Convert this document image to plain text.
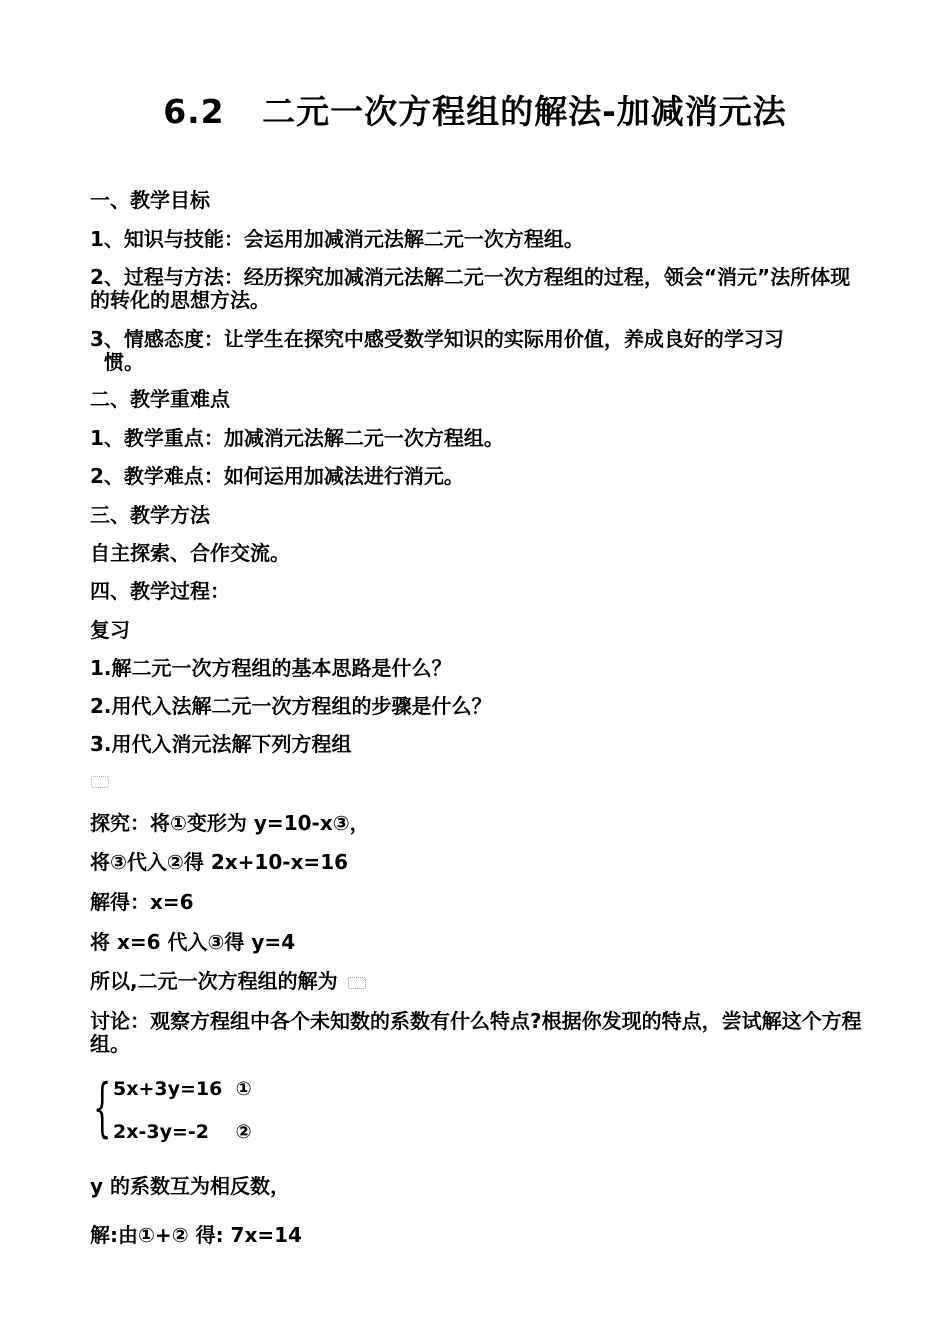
6.2   二元一次方程组的解法-加减消元法
一、教学目标
1、知识与技能：会运用加减消元法解二元一次方程组。
2、过程与方法：经历探究加减消元法解二元一次方程组的过程，领会“消元”法所体现的转化的思想方法。
3、情感态度：让学生在探究中感受数学知识的实际用价值，养成良好的学习习
惯。
二、教学重难点
1、教学重点：加减消元法解二元一次方程组。
2、教学难点：如何运用加减法进行消元。
三、教学方法
自主探索、合作交流。
四、教学过程：
复习
1.解二元一次方程组的基本思路是什么？
2.用代入法解二元一次方程组的步骤是什么？
3.用代入消元法解下列方程组
探究：将①变形为 y=10-x③，
将③代入②得 2x+10-x=16
解得：x=6
将 x=6 代入③得 y=4
所以,二元一次方程组的解为
讨论：观察方程组中各个未知数的系数有什么特点?根据你发现的特点，尝试解这个方程组。
{ 5x+3y=16  ①
2x-3y=-2    ②
y 的系数互为相反数，
解:由①+② 得: 7x=14
